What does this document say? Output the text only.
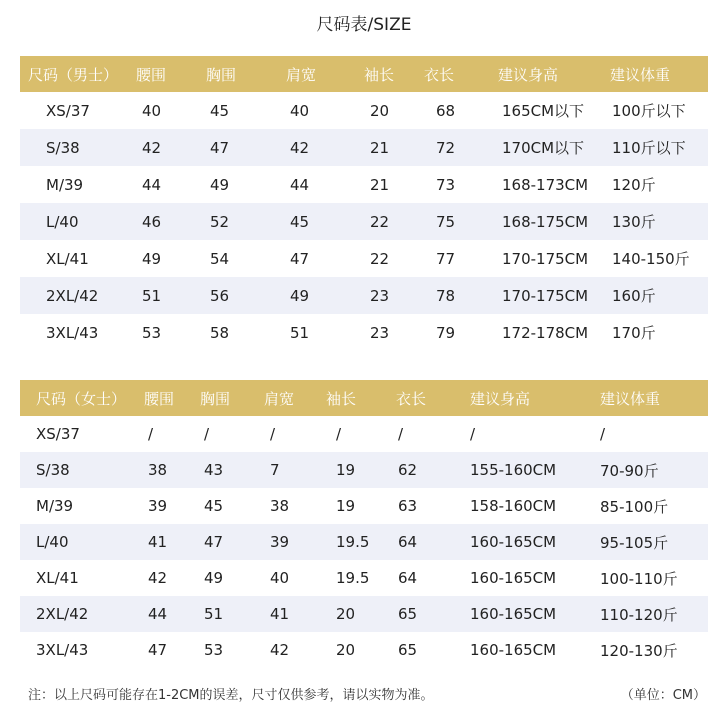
尺码表/SIZE
尺码（男士）	腰围	胸围	肩宽	袖长	衣长	建议身高	建议体重
XS/37	40	45	40	20	68	165CM以下	100斤以下
S/38	42	47	42	21	72	170CM以下	110斤以下
M/39	44	49	44	21	73	168-173CM	120斤
L/40	46	52	45	22	75	168-175CM	130斤
XL/41	49	54	47	22	77	170-175CM	140-150斤
2XL/42	51	56	49	23	78	170-175CM	160斤
3XL/43	53	58	51	23	79	172-178CM	170斤
尺码（女士）	腰围	胸围	肩宽	袖长	衣长	建议身高	建议体重
XS/37	/	/	/	/	/	/	/
S/38	38	43	7	19	62	155-160CM	70-90斤
M/39	39	45	38	19	63	158-160CM	85-100斤
L/40	41	47	39	19.5	64	160-165CM	95-105斤
XL/41	42	49	40	19.5	64	160-165CM	100-110斤
2XL/42	44	51	41	20	65	160-165CM	110-120斤
3XL/43	47	53	42	20	65	160-165CM	120-130斤
注：以上尺码可能存在1-2CM的误差，尺寸仅供参考，请以实物为准。	（单位：CM）
